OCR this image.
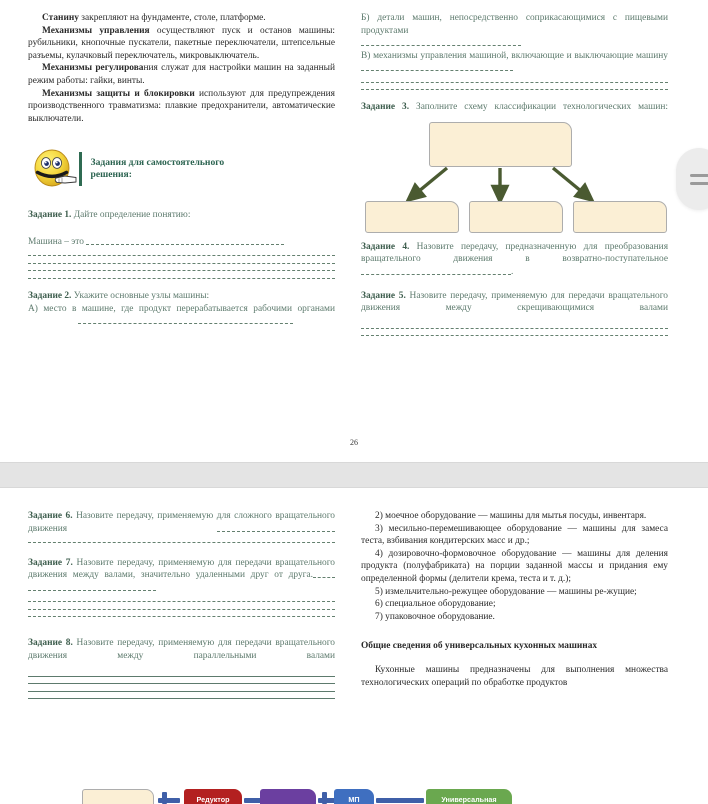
Станину закрепляют на фундаменте, столе, платформе.

Механизмы управления осуществляют пуск и останов машины: рубильники, кнопочные пускатели, пакетные переключатели, штепсельные разъемы, кулачковый переключатель, микровыключатель.

Механизмы регулирования служат для настройки машин на заданный режим работы: гайки, винты.

Механизмы защиты и блокировки используют для предупреждения производственного травматизма: плавкие предохранители, автоматические выключатели.

Задания для самостоятельного
решения:

Задание 1. Дайте определение понятию:

Машина – это

Задание 2. Укажите основные узлы машины:

А) место в машине, где продукт перерабатывается рабочими органами

Б) детали машин, непосредственно соприкасающимися с пищевыми продуктами

В) механизмы управления машиной, включающие и выключающие машину

Задание 3. Заполните схему классификации технологических машин:

Задание 4. Назовите передачу, предназначенную для преобразования вращательного движения в возвратно-поступательное .

Задание 5. Назовите передачу, применяемую для передачи вращательного движения между скрещивающимися валами

26

Задание 6. Назовите передачу, применяемую для сложного вращательного движения

Задание 7. Назовите передачу, применяемую для передачи вращательного движения между валами, значительно удаленными друг от друга.

Задание 8. Назовите передачу, применяемую для передачи вращательного движения между параллельными валами

2) моечное оборудование — машины для мытья посуды, инвентаря.

3) месильно-перемешивающее оборудование — машины для замеса теста, взбивания кондитерских масс и др.;

4) дозировочно-формовочное оборудование — машины для деления продукта (полуфабриката) на порции заданной массы и придания ему определенной формы (делители крема, теста и т. д.);

5) измельчительно-режущее оборудование — машины ре-жущие;

6) специальное оборудование;

7) упаковочное оборудование.

Общие сведения об универсальных кухонных машинах

Кухонные машины предназначены для выполнения множества технологических операций по обработке продуктов

Редуктор	МП	Универсальная
